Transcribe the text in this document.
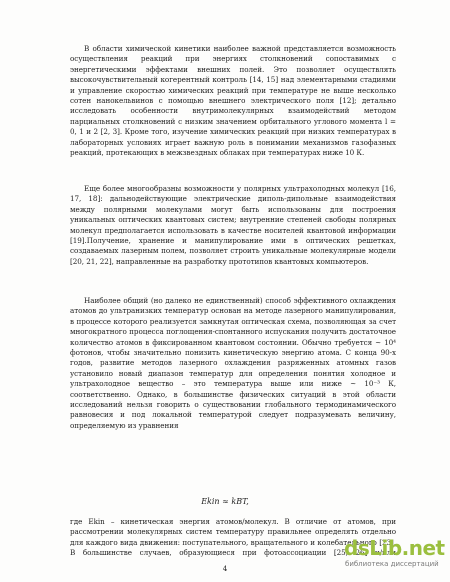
В области химической кинетики наиболее важной представляется возможность осуществления реакций при энергиях столкновений сопоставимых с энергетическими эффектами внешних полей. Это позволяет осуществлять высокочувствительный когерентный контроль [14, 15] над элементарными стадиями и управление скоростью химических реакций при температуре не выше несколько сотен нанокельвинов с помощью внешнего электрического поля [12]; детально исследовать особенности внутримолекулярных взаимодействий методом парциальных столкновений с низким значением орбитального углового момента l = 0, 1 и 2 [2, 3]. Кроме того, изучение химических реакций при низких температурах в лабораторных условиях играет важную роль в понимании механизмов газофазных реакций, протекающих в межзвездных облаках при температурах ниже 10 К.
Еще более многообразны возможности у полярных ультрахолодных молекул [16, 17, 18]: дальнодействующие электрические диполь-дипольные взаимодействия между полярными молекулами могут быть использованы для построения уникальных оптических квантовых систем; внутренние степеней свободы полярных молекул предполагается использовать в качестве носителей квантовой информации [19].Получение, хранение и манипулирование ими в оптических решетках, создаваемых лазерным полем, позволяет строить уникальные молекулярные модели [20, 21, 22], направленные на разработку прототипов квантовых компьютеров.
Наиболее общий (но далеко не единственный) способ эффективного охлаждения атомов до ультранизких температур основан на методе лазерного манипулирования, в процессе которого реализуется замкнутая оптическая схема, позволяющая за счет многократного процесса поглощения-спонтанного испускания получить достаточное количество атомов в фиксированном квантовом состоянии. Обычно требуется ~ 10⁴ фотонов, чтобы значительно понизить кинетическую энергию атома. С конца 90-х годов, развитие методов лазерного охлаждения разряженных атомных газов установило новый диапазон температур для определения понятия холодное и ультрахолодное вещество – это температура выше или ниже ~ 10⁻³ К, соответственно. Однако, в большинстве физических ситуаций в этой области исследований нельзя говорить о существовании глобального термодинамического равновесия и под локальной температурой следует подразумевать величину, определяемую из уравнения
Ekin ≈ kBT,
где Ekin – кинетическая энергия атомов/молекул. В отличие от атомов, при рассмотрении молекулярных систем температуру правильнее определять отдельно для каждого вида движения: поступательного, вращательного и колебательного [23]. В большинстве случаев, образующиеся при фотоассоциации [25, 26] и/или
4
dsLib.net
библиотека диссертаций
